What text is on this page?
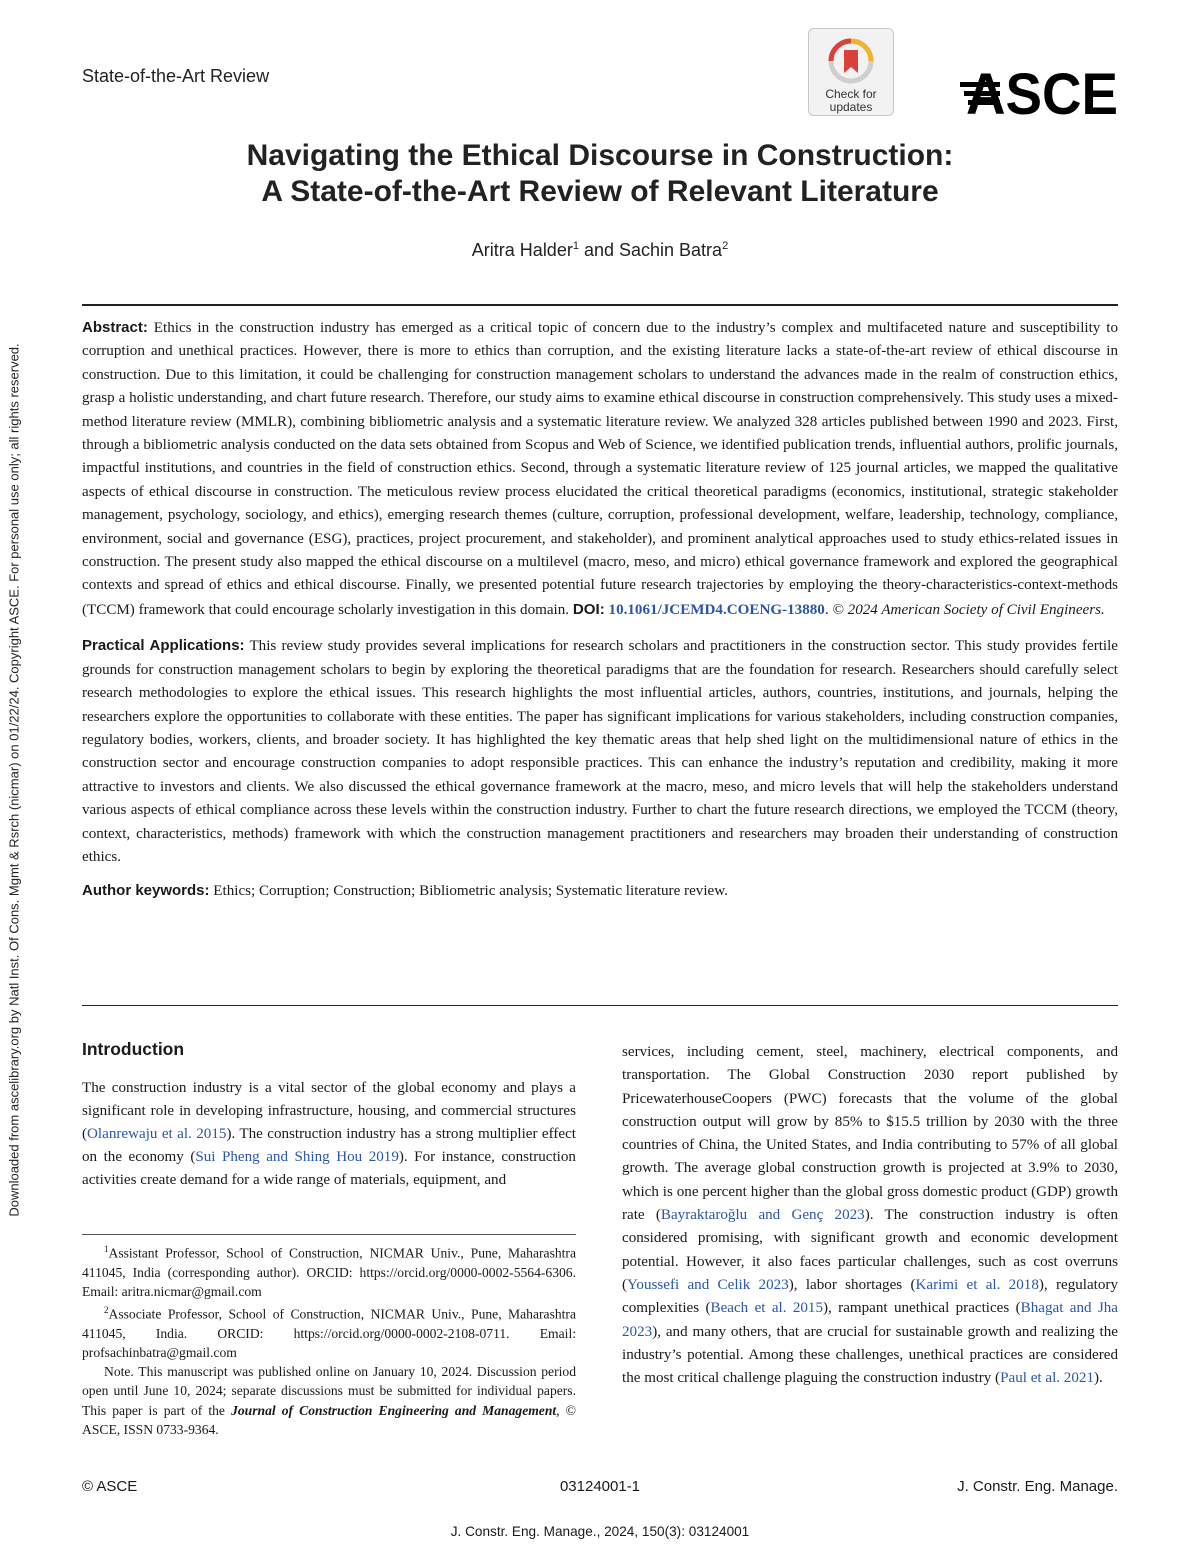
Downloaded from ascelibrary.org by Natl Inst. Of Cons. Mgmt & Rsrch (nicmar) on 01/22/24. Copyright ASCE. For personal use only; all rights reserved.
State-of-the-Art Review
Check for
updates ASCE
Navigating the Ethical Discourse in Construction:
A State-of-the-Art Review of Relevant Literature
Aritra Halder$^1$ and Sachin Batra$^2$

Abstract: Ethics in the construction industry has emerged as a critical topic of concern due to the industry’s complex and multifaceted nature and susceptibility to corruption and unethical practices. However, there is more to ethics than corruption, and the existing literature lacks a state-of-the-art review of ethical discourse in construction. Due to this limitation, it could be challenging for construction management scholars to understand the advances made in the realm of construction ethics, grasp a holistic understanding, and chart future research. Therefore, our study aims to examine ethical discourse in construction comprehensively. This study uses a mixed-method literature review (MMLR), combining bibliometric analysis and a systematic literature review. We analyzed 328 articles published between 1990 and 2023. First, through a bibliometric analysis conducted on the data sets obtained from Scopus and Web of Science, we identified publication trends, influential authors, prolific journals, impactful institutions, and countries in the field of construction ethics. Second, through a systematic literature review of 125 journal articles, we mapped the qualitative aspects of ethical discourse in construction. The meticulous review process elucidated the critical theoretical paradigms (economics, institutional, strategic stakeholder management, psychology, sociology, and ethics), emerging research themes (culture, corruption, professional development, welfare, leadership, technology, compliance, environment, social and governance (ESG), practices, project procurement, and stakeholder), and prominent analytical approaches used to study ethics-related issues in construction. The present study also mapped the ethical discourse on a multilevel (macro, meso, and micro) ethical governance framework and explored the geographical contexts and spread of ethics and ethical discourse. Finally, we presented potential future research trajectories by employing the theory-characteristics-context-methods (TCCM) framework that could encourage scholarly investigation in this domain. DOI: 10.1061/JCEMD4.COENG-13880. © 2024 American Society of Civil Engineers.

Practical Applications: This review study provides several implications for research scholars and practitioners in the construction sector. This study provides fertile grounds for construction management scholars to begin by exploring the theoretical paradigms that are the foundation for research. Researchers should carefully select research methodologies to explore the ethical issues. This research highlights the most influential articles, authors, countries, institutions, and journals, helping the researchers explore the opportunities to collaborate with these entities. The paper has significant implications for various stakeholders, including construction companies, regulatory bodies, workers, clients, and broader society. It has highlighted the key thematic areas that help shed light on the multidimensional nature of ethics in the construction sector and encourage construction companies to adopt responsible practices. This can enhance the industry’s reputation and credibility, making it more attractive to investors and clients. We also discussed the ethical governance framework at the macro, meso, and micro levels that will help the stakeholders understand various aspects of ethical compliance across these levels within the construction industry. Further to chart the future research directions, we employed the TCCM (theory, context, characteristics, methods) framework with which the construction management practitioners and researchers may broaden their understanding of construction ethics.

Author keywords: Ethics; Corruption; Construction; Bibliometric analysis; Systematic literature review.

Introduction

The construction industry is a vital sector of the global economy and plays a significant role in developing infrastructure, housing, and commercial structures (Olanrewaju et al. 2015). The construction industry has a strong multiplier effect on the economy (Sui Pheng and Shing Hou 2019). For instance, construction activities create demand for a wide range of materials, equipment, and

$^1$Assistant Professor, School of Construction, NICMAR Univ., Pune, Maharashtra 411045, India (corresponding author). ORCID: https://orcid.org/0000-0002-5564-6306. Email: aritra.nicmar@gmail.com

$^2$Associate Professor, School of Construction, NICMAR Univ., Pune, Maharashtra 411045, India. ORCID: https://orcid.org/0000-0002-2108-0711. Email: profsachinbatra@gmail.com

Note. This manuscript was published online on January 10, 2024. Discussion period open until June 10, 2024; separate discussions must be submitted for individual papers. This paper is part of the Journal of Construction Engineering and Management, © ASCE, ISSN 0733-9364.

services, including cement, steel, machinery, electrical components, and transportation. The Global Construction 2030 report published by PricewaterhouseCoopers (PWC) forecasts that the volume of the global construction output will grow by 85% to $15.5 trillion by 2030 with the three countries of China, the United States, and India contributing to 57% of all global growth. The average global construction growth is projected at 3.9% to 2030, which is one percent higher than the global gross domestic product (GDP) growth rate (Bayraktaroğlu and Genç 2023). The construction industry is often considered promising, with significant growth and economic development potential. However, it also faces particular challenges, such as cost overruns (Youssefi and Celik 2023), labor shortages (Karimi et al. 2018), regulatory complexities (Beach et al. 2015), rampant unethical practices (Bhagat and Jha 2023), and many others, that are crucial for sustainable growth and realizing the industry’s potential. Among these challenges, unethical practices are considered the most critical challenge plaguing the construction industry (Paul et al. 2021).

© ASCE	03124001-1	J. Constr. Eng. Manage.
J. Constr. Eng. Manage., 2024, 150(3): 03124001
